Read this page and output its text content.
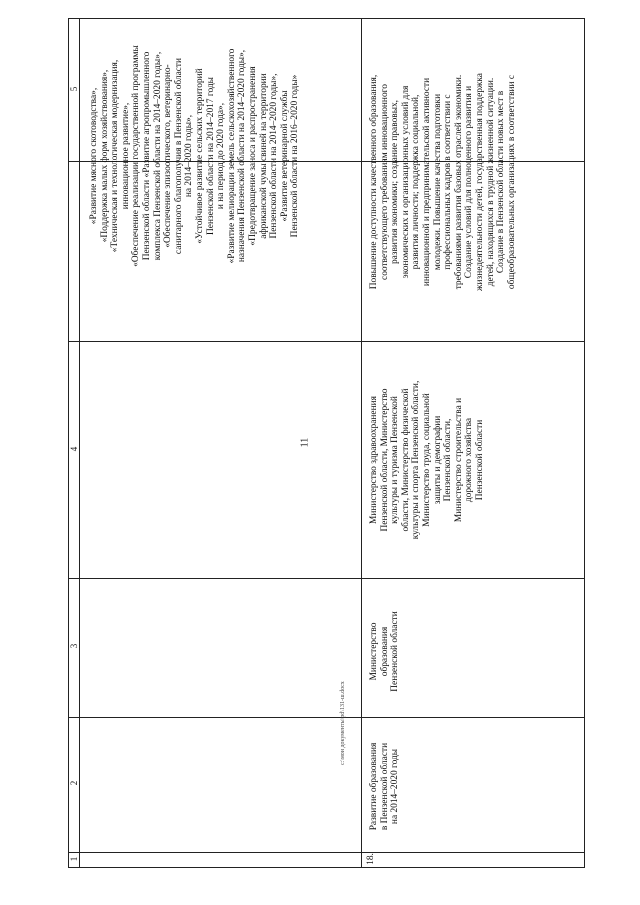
11
5
4
3
2
1
«Развитие мясного скотоводства», «Поддержка малых форм хозяйствования», «Техническая и технологическая модернизация, инновационное развитие», «Обеспечение реализации государственной программы Пензенской области «Развитие агропромышленного комплекса Пензенской области на 2014–2020 годы», «Обеспечение эпизоотического, ветеринарно- санитарного благополучия в Пензенской области на 2014–2020 годы», «Устойчивое развитие сельских территорий Пензенской области на 2014–2017 годы и на период до 2020 года», «Развитие мелиорации земель сельскохозяйственного назначения Пензенской области на 2014–2020 годы», «Предотвращение заноса и распространения африканской чумы свиней на территории Пензенской области на 2014–2020 годы», «Развитие ветеринарной службы Пензенской области на 2016–2020 годы»
18.
Развитие образования в Пензенской области на 2014–2020 годы
Министерство образования Пензенской области
Министерство здравоохранения Пензенской области, Министерство культуры и туризма Пензенской области, Министерство физической культуры и спорта Пензенской области, Министерство труда, социальной защиты и демографии Пензенской области, Министерство строительства и дорожного хозяйства Пензенской области
Повышение доступности качественного образования, соответствующего требованиям инновационного развития экономики; создание правовых, экономических и организационных условий для развития личности; поддержка социальной, инновационной и предпринимательской активности молодежи. Повышение качества подготовки профессиональных кадров в соответствии с требованиями развития базовых отраслей экономики. Создание условий для полноценного развития и жизнедеятельности детей, государственная поддержка детей, находящихся в трудной жизненной ситуации. Создание в Пензенской области новых мест в общеобразовательных организациях в соответствии с
c:\мои документы\pd\131-ш.docx
